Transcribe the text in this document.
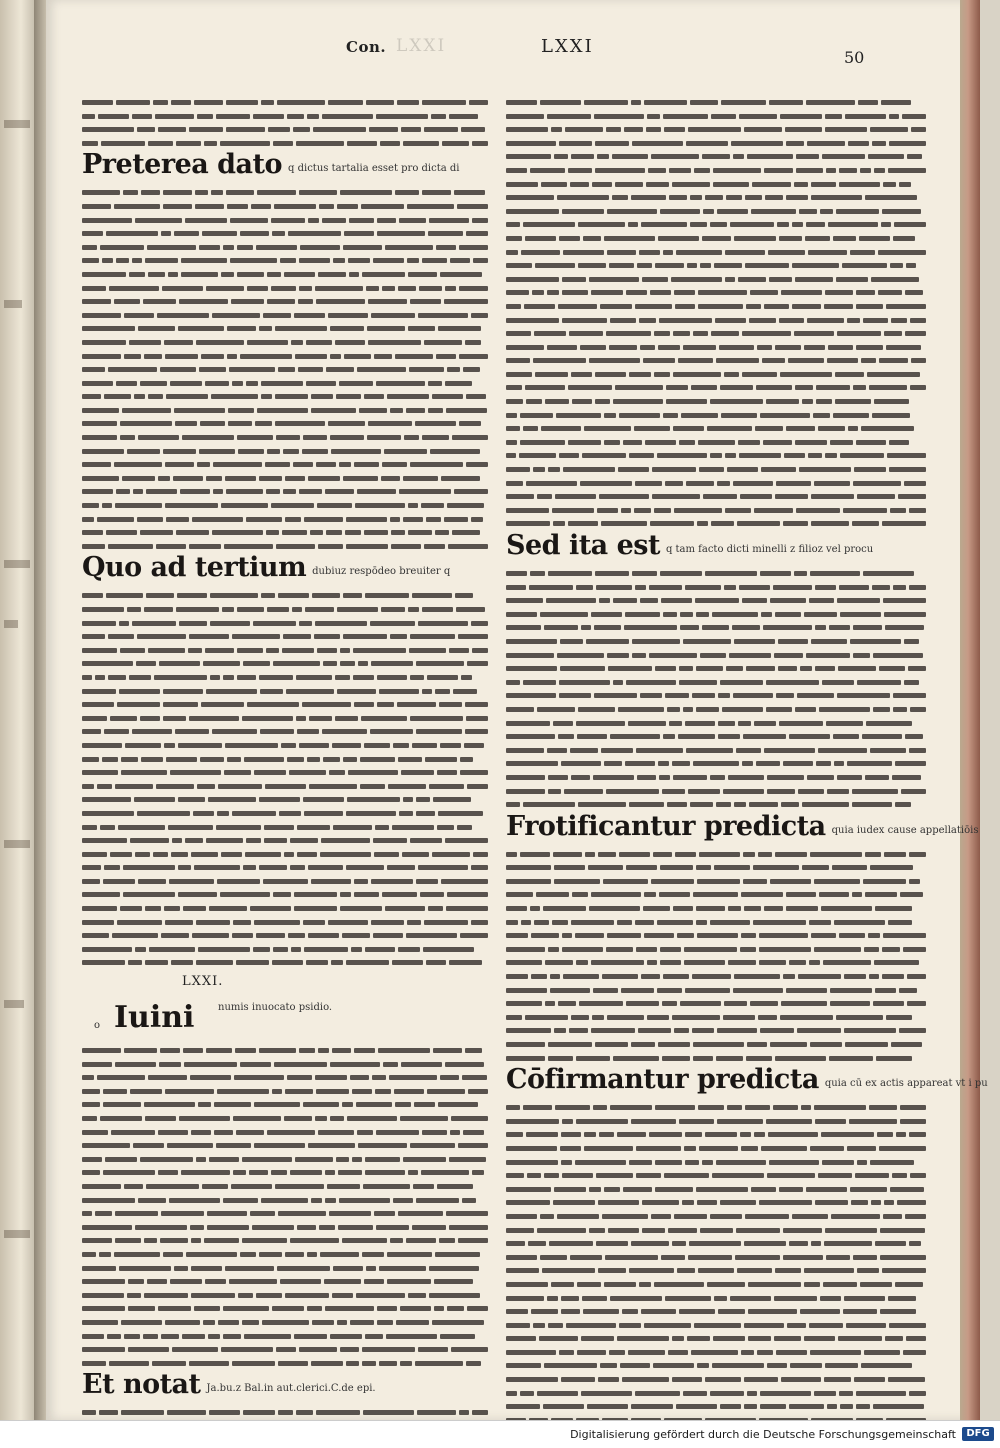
Con. LXXI	LXXI
50
Preterea dato q dictus tartalia esset pro dicta di
Quo ad tertium dubiuz respōdeo breuiter q
LXXI.
o Iuini numis inuocato psidio.
Et notat Ja.bu.z Bal.in aut.clerici.C.de epi.
Sed ita est q tam facto dicti minelli z filioz vel procu
Frotificantur predicta quia iudex cause appellatiōis
Cōfirmantur predicta quia cū ex actis appareat vt i pu
Digitalisierung gefördert durch die Deutsche Forschungsgemeinschaft	DFG
